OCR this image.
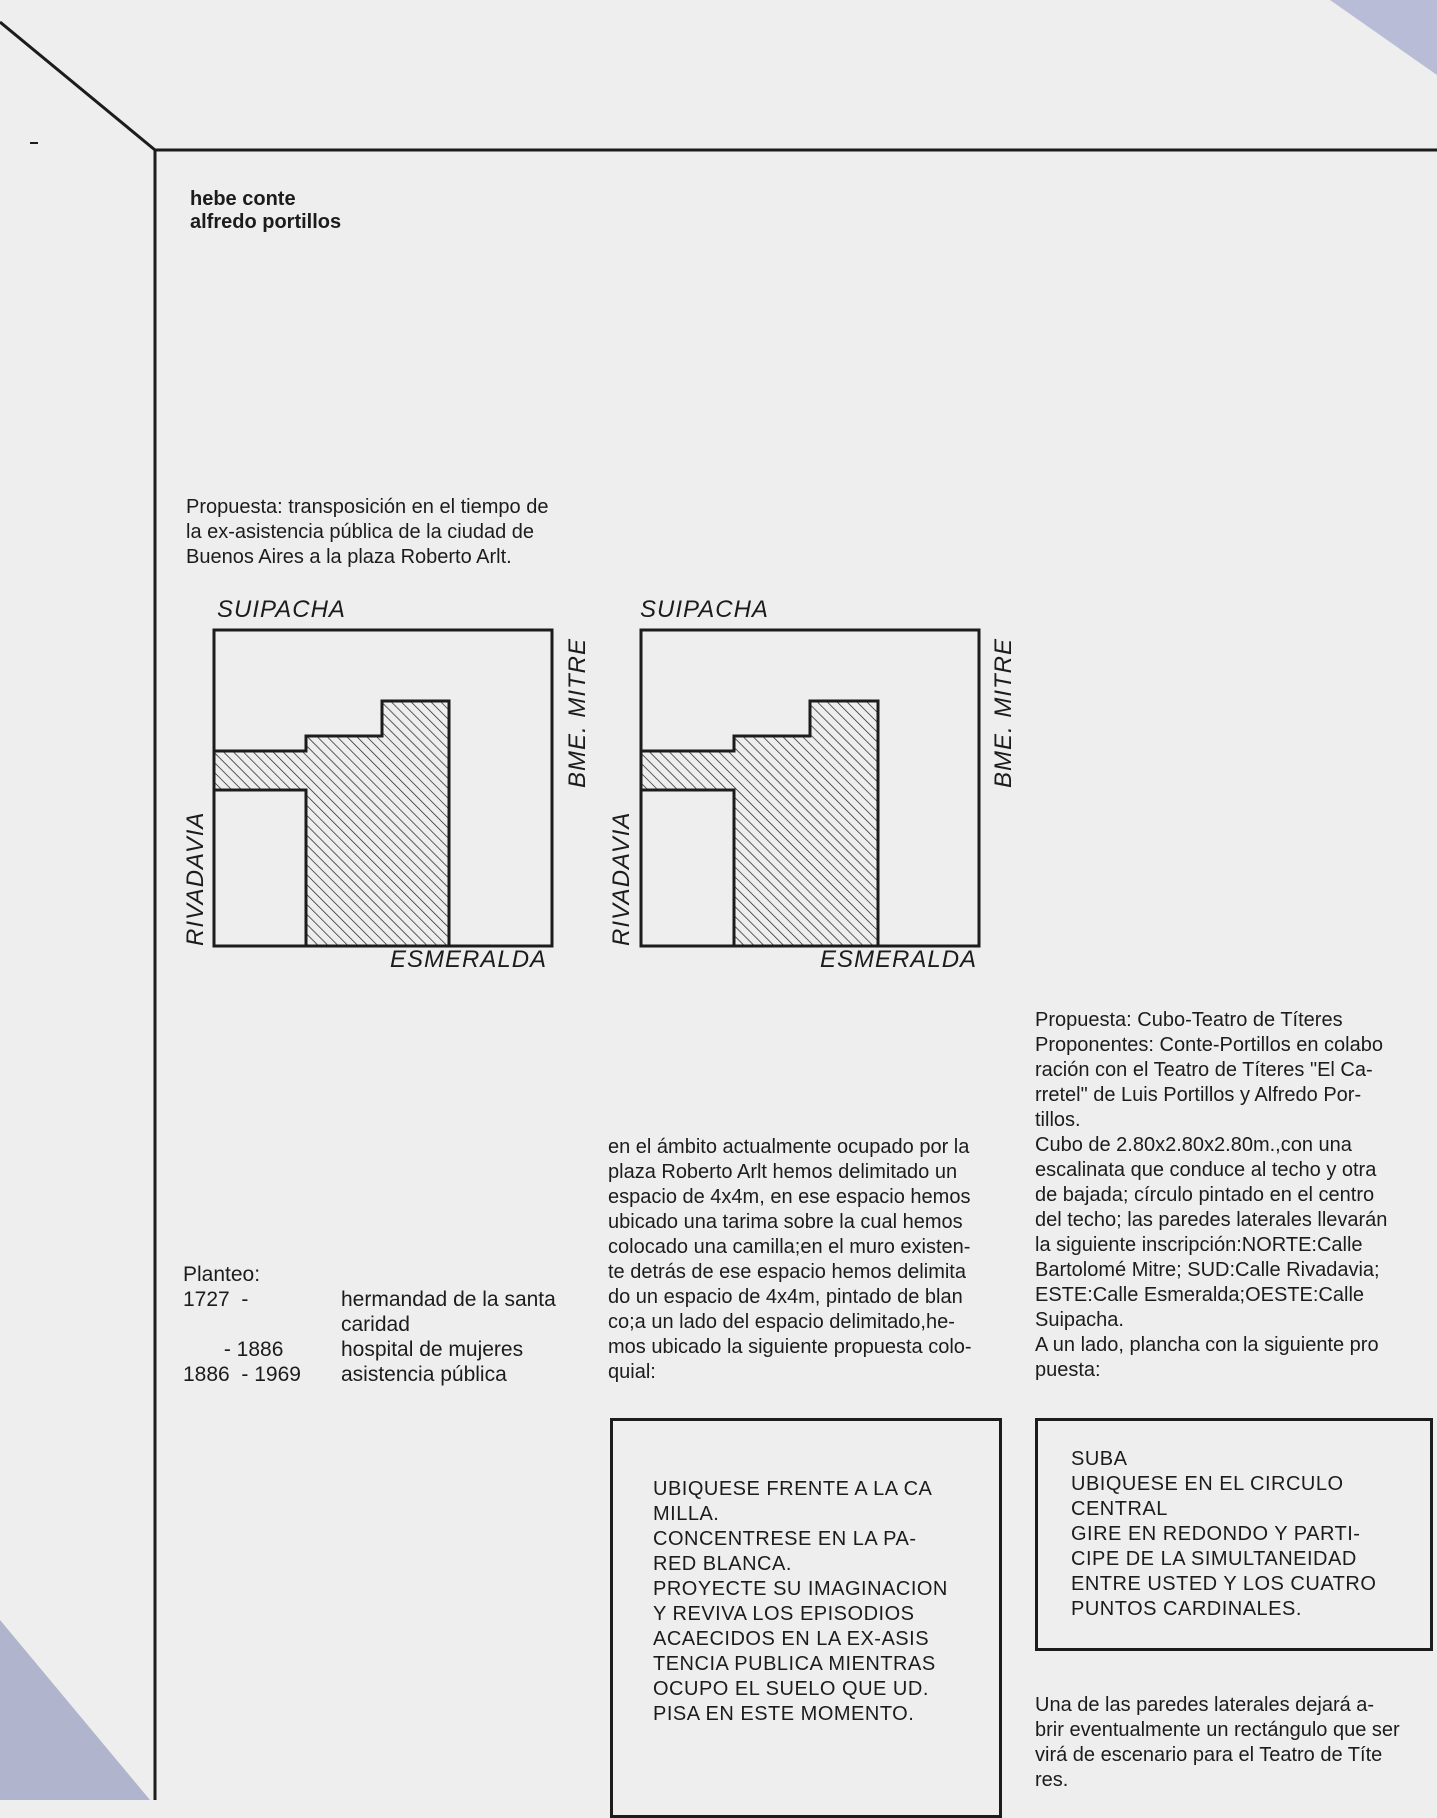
hebe conte
alfredo portillos
Propuesta: transposición en el tiempo de
la ex-asistencia pública de la ciudad de
Buenos Aires a la plaza Roberto Arlt.
SUIPACHA
ESMERALDA
BME. MITRE
RIVADAVIA
SUIPACHA
ESMERALDA
BME. MITRE
RIVADAVIA
Planteo:
1727  -	hermandad de la santa
caridad
- 1886	hospital de mujeres
1886  - 1969	asistencia pública
en el ámbito actualmente ocupado por la
plaza Roberto Arlt hemos delimitado un
espacio de 4x4m, en ese espacio hemos
ubicado una tarima sobre la cual hemos
colocado una camilla;en el muro existen-
te detrás de ese espacio hemos delimita
do un espacio de 4x4m, pintado de blan
co;a un lado del espacio delimitado,he-
mos ubicado la siguiente propuesta colo-
quial:
UBIQUESE FRENTE A LA CA
MILLA.
CONCENTRESE EN LA PA-
RED BLANCA.
PROYECTE SU IMAGINACION
Y REVIVA LOS EPISODIOS
ACAECIDOS EN LA EX-ASIS
TENCIA PUBLICA MIENTRAS
OCUPO EL SUELO QUE UD.
PISA EN ESTE MOMENTO.
Propuesta: Cubo-Teatro de Títeres
Proponentes: Conte-Portillos en colabo
ración con el Teatro de Títeres "El Ca-
rretel" de Luis Portillos y Alfredo Por-
tillos.
Cubo de 2.80x2.80x2.80m.,con una
escalinata que conduce al techo y otra
de bajada; círculo pintado en el centro
del techo; las paredes laterales llevarán
la siguiente inscripción:NORTE:Calle
Bartolomé Mitre; SUD:Calle Rivadavia;
ESTE:Calle Esmeralda;OESTE:Calle
Suipacha.
A un lado, plancha con la siguiente pro
puesta:
SUBA
UBIQUESE EN EL CIRCULO
CENTRAL
GIRE EN REDONDO Y PARTI-
CIPE DE LA SIMULTANEIDAD
ENTRE USTED Y LOS CUATRO
PUNTOS CARDINALES.
Una de las paredes laterales dejará a-
brir eventualmente un rectángulo que ser
virá de escenario para el Teatro de Títe
res.
